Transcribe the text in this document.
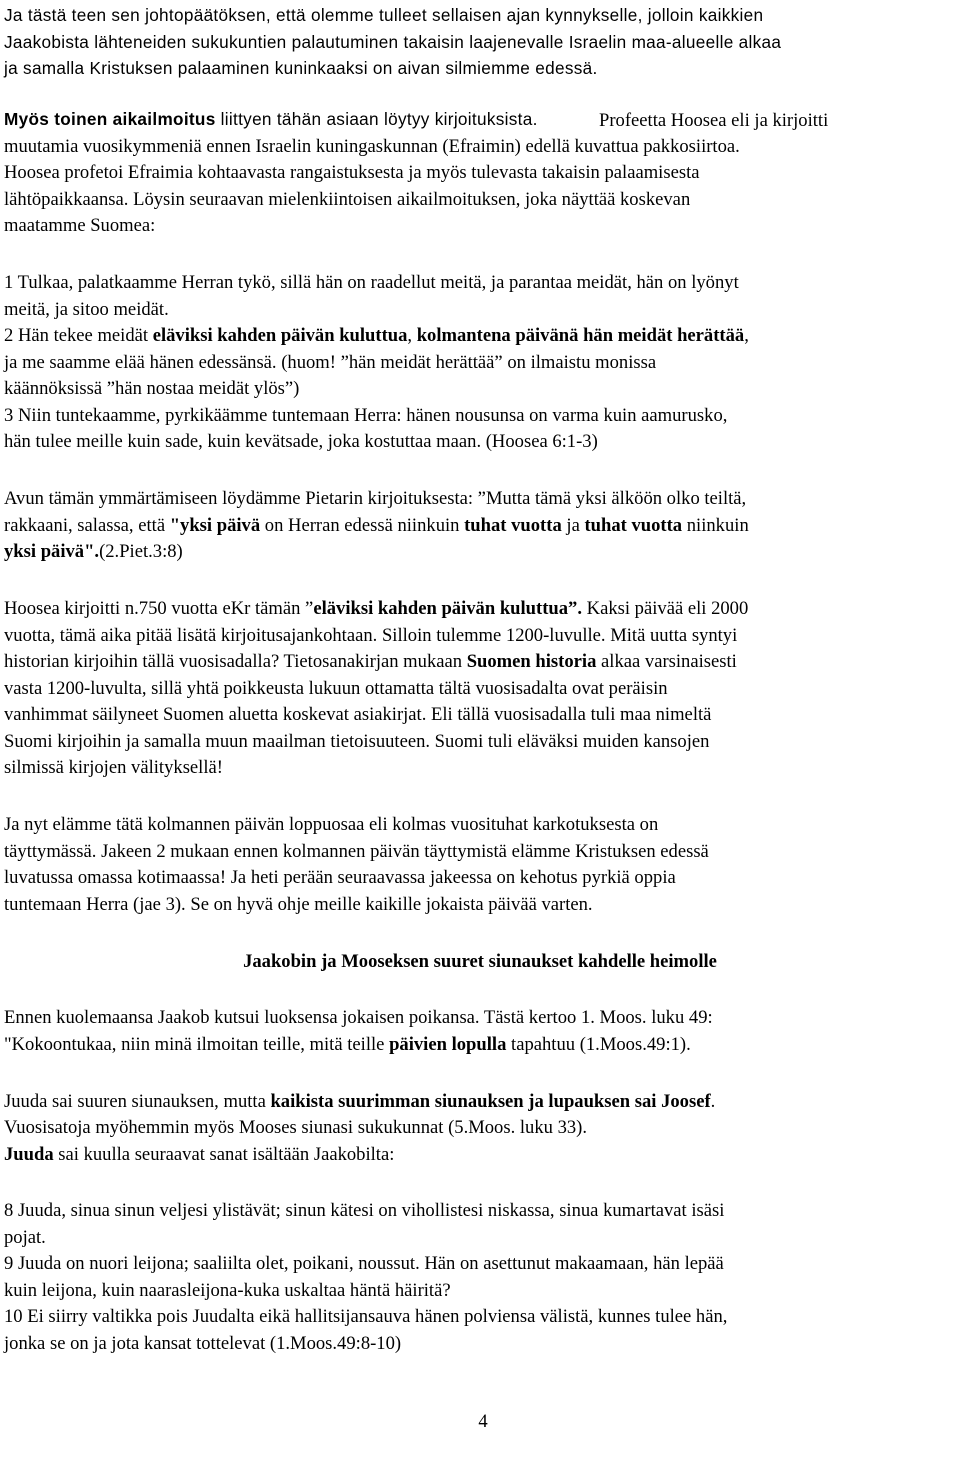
Ja tästä teen sen johtopäätöksen, että olemme tulleet sellaisen ajan kynnykselle, jolloin kaikkien
Jaakobista lähteneiden sukukuntien palautuminen takaisin laajenevalle Israelin maa-alueelle alkaa
ja samalla Kristuksen palaaminen kuninkaaksi on aivan silmiemme edessä.
Myös toinen aikailmoitus liittyen tähän asiaan löytyy kirjoituksista.	Profeetta Hoosea eli ja kirjoitti
muutamia vuosikymmeniä ennen Israelin kuningaskunnan (Efraimin) edellä kuvattua pakkosiirtoa.
Hoosea profetoi Efraimia kohtaavasta rangaistuksesta ja myös tulevasta takaisin palaamisesta
lähtöpaikkaansa. Löysin seuraavan mielenkiintoisen aikailmoituksen, joka näyttää koskevan
maatamme Suomea:
1 Tulkaa, palatkaamme Herran tykö, sillä hän on raadellut meitä, ja parantaa meidät, hän on lyönyt
meitä, ja sitoo meidät.
2 Hän tekee meidät eläviksi kahden päivän kuluttua, kolmantena päivänä hän meidät herättää,
ja me saamme elää hänen edessänsä. (huom! ”hän meidät herättää” on ilmaistu monissa
käännöksissä ”hän nostaa meidät ylös”)
3 Niin tuntekaamme, pyrkikäämme tuntemaan Herra: hänen nousunsa on varma kuin aamurusko,
hän tulee meille kuin sade, kuin kevätsade, joka kostuttaa maan. (Hoosea 6:1-3)
Avun tämän ymmärtämiseen löydämme Pietarin kirjoituksesta: ”Mutta tämä yksi älköön olko teiltä,
rakkaani, salassa, että "yksi päivä on Herran edessä niinkuin tuhat vuotta ja tuhat vuotta niinkuin
yksi päivä".(2.Piet.3:8)
Hoosea kirjoitti n.750 vuotta eKr tämän ”eläviksi kahden päivän kuluttua”. Kaksi päivää eli 2000
vuotta, tämä aika pitää lisätä kirjoitusajankohtaan. Silloin tulemme 1200-luvulle. Mitä uutta syntyi
historian kirjoihin tällä vuosisadalla? Tietosanakirjan mukaan Suomen historia alkaa varsinaisesti
vasta 1200-luvulta, sillä yhtä poikkeusta lukuun ottamatta tältä vuosisadalta ovat peräisin
vanhimmat säilyneet Suomen aluetta koskevat asiakirjat. Eli tällä vuosisadalla tuli maa nimeltä
Suomi kirjoihin ja samalla muun maailman tietoisuuteen. Suomi tuli eläväksi muiden kansojen
silmissä kirjojen välityksellä!
Ja nyt elämme tätä kolmannen päivän loppuosaa eli kolmas vuosituhat karkotuksesta on
täyttymässä. Jakeen 2 mukaan ennen kolmannen päivän täyttymistä elämme Kristuksen edessä
luvatussa omassa kotimaassa! Ja heti perään seuraavassa jakeessa on kehotus pyrkiä oppia
tuntemaan Herra (jae 3). Se on hyvä ohje meille kaikille jokaista päivää varten.
Jaakobin ja Mooseksen suuret siunaukset kahdelle heimolle
Ennen kuolemaansa Jaakob kutsui luoksensa jokaisen poikansa. Tästä kertoo 1. Moos. luku 49:
"Kokoontukaa, niin minä ilmoitan teille, mitä teille päivien lopulla tapahtuu (1.Moos.49:1).
Juuda sai suuren siunauksen, mutta kaikista suurimman siunauksen ja lupauksen sai Joosef.
Vuosisatoja myöhemmin myös Mooses siunasi sukukunnat (5.Moos. luku 33).
Juuda sai kuulla seuraavat sanat isältään Jaakobilta:
8 Juuda, sinua sinun veljesi ylistävät; sinun kätesi on vihollistesi niskassa, sinua kumartavat isäsi
pojat.
9 Juuda on nuori leijona; saaliilta olet, poikani, noussut. Hän on asettunut makaamaan, hän lepää
kuin leijona, kuin naarasleijona-kuka uskaltaa häntä häiritä?
10 Ei siirry valtikka pois Juudalta eikä hallitsijansauva hänen polviensa välistä, kunnes tulee hän,
jonka se on ja jota kansat tottelevat (1.Moos.49:8-10)
4
